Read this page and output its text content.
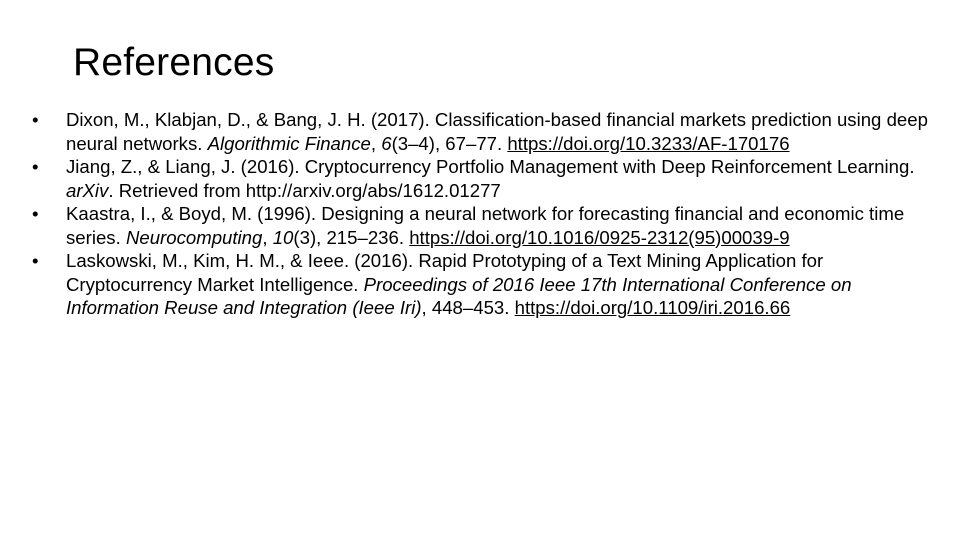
References
•	Dixon, M., Klabjan, D., & Bang, J. H. (2017). Classification-based financial markets prediction using deep neural networks. Algorithmic Finance, 6(3–4), 67–77. https://doi.org/10.3233/AF-170176
•	Jiang, Z., & Liang, J. (2016). Cryptocurrency Portfolio Management with Deep Reinforcement Learning. arXiv. Retrieved from http://arxiv.org/abs/1612.01277
•	Kaastra, I., & Boyd, M. (1996). Designing a neural network for forecasting financial and economic time series. Neurocomputing, 10(3), 215–236. https://doi.org/10.1016/0925-2312(95)00039-9
•	Laskowski, M., Kim, H. M., & Ieee. (2016). Rapid Prototyping of a Text Mining Application for Cryptocurrency Market Intelligence. Proceedings of 2016 Ieee 17th International Conference on Information Reuse and Integration (Ieee Iri), 448–453. https://doi.org/10.1109/iri.2016.66
